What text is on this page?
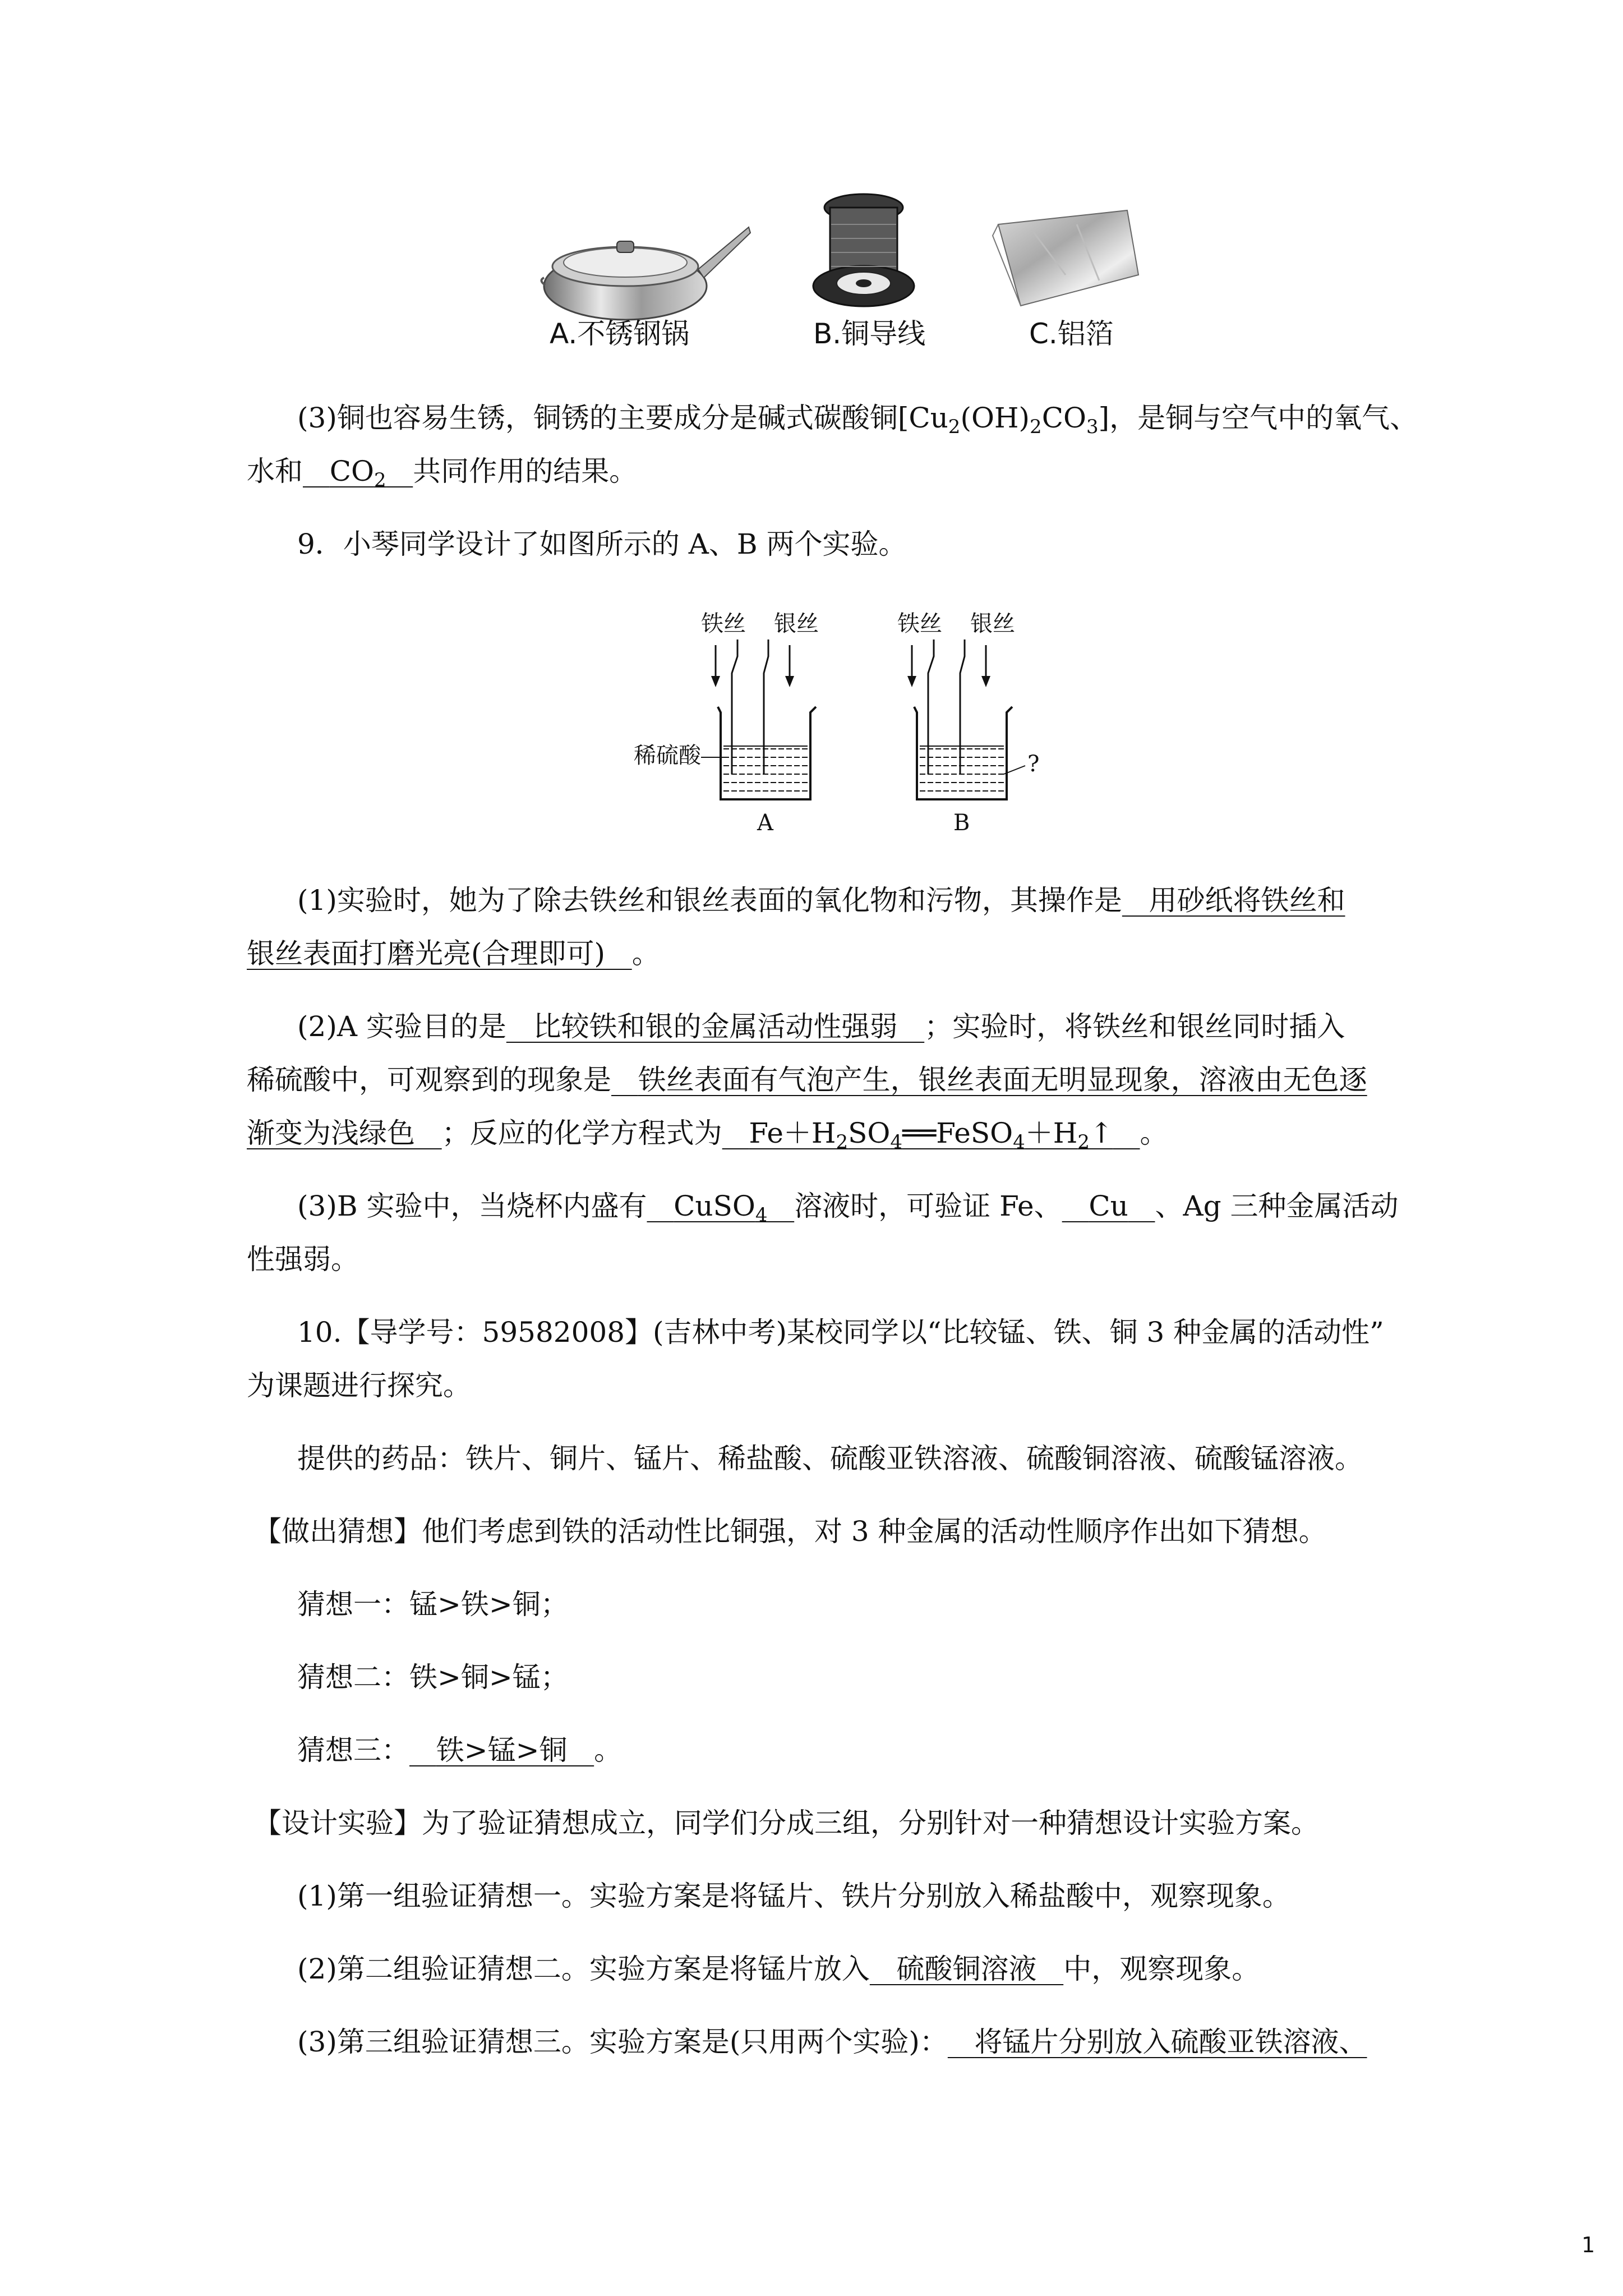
A.不锈钢锅	B.铜导线	C.铝箔
(3)铜也容易生锈，铜锈的主要成分是碱式碳酸铜$[Cu_2(OH)_2CO_3]$，是铜与空气中的氧气、
水和 $CO_2$ 共同作用的结果。
9．小琴同学设计了如图所示的 A、B 两个实验。
铁丝 银丝
稀硫酸
A
铁丝 银丝
?
B
(1)实验时，她为了除去铁丝和银丝表面的氧化物和污物，其操作是 用砂纸将铁丝和
银丝表面打磨光亮(合理即可) 。
(2)A 实验目的是 比较铁和银的金属活动性强弱 ；实验时，将铁丝和银丝同时插入
稀硫酸中，可观察到的现象是 铁丝表面有气泡产生，银丝表面无明显现象，溶液由无色逐
渐变为浅绿色 ；反应的化学方程式为 $Fe+H_2SO_4══FeSO_4+H_2↑$ 。
(3)B 实验中，当烧杯内盛有 CuSO$_4$ 溶液时，可验证 Fe、 Cu 、Ag 三种金属活动
性强弱。
10.【导学号：59582008】(吉林中考)某校同学以“比较锰、铁、铜 3 种金属的活动性”
为课题进行探究。
提供的药品：铁片、铜片、锰片、稀盐酸、硫酸亚铁溶液、硫酸铜溶液、硫酸锰溶液。
【做出猜想】他们考虑到铁的活动性比铜强，对 3 种金属的活动性顺序作出如下猜想。
猜想一：锰>铁>铜；
猜想二：铁>铜>锰；
猜想三： 铁>锰>铜 。
【设计实验】为了验证猜想成立，同学们分成三组，分别针对一种猜想设计实验方案。
(1)第一组验证猜想一。实验方案是将锰片、铁片分别放入稀盐酸中，观察现象。
(2)第二组验证猜想二。实验方案是将锰片放入 硫酸铜溶液 中，观察现象。
(3)第三组验证猜想三。实验方案是(只用两个实验)： 将锰片分别放入硫酸亚铁溶液、
1
